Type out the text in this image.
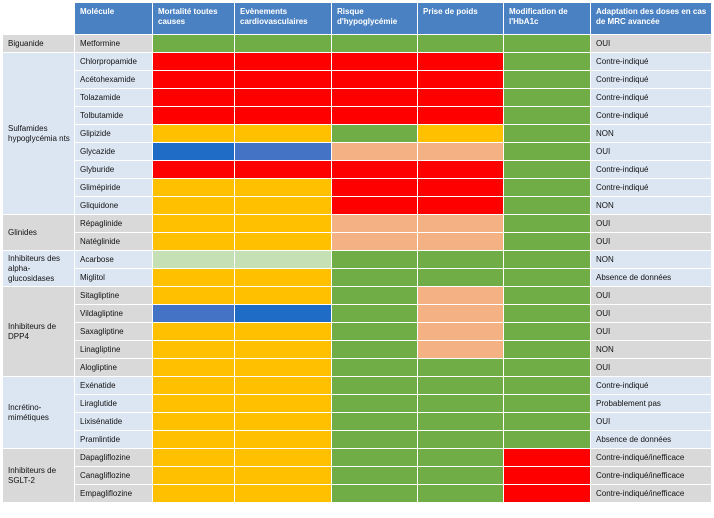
	Molécule	Mortalité toutes causes	Evènements cardiovasculaires	Risque d'hypoglycémie	Prise de poids	Modification de l'HbA1c	Adaptation des doses en cas de MRC avancée
Biguanide	Metformine						OUI
Sulfamides hypoglycémia nts	Chlorpropamide						Contre-indiqué
	Acétohexamide						Contre-indiqué
	Tolazamide						Contre-indiqué
	Tolbutamide						Contre-indiqué
	Glipizide						NON
	Glycazide						OUI
	Glyburide						Contre-indiqué
	Glimépiride						Contre-indiqué
	Gliquidone						NON
Glinides	Répaglinide						OUI
	Natéglinide						OUI
Inhibiteurs des alpha-glucosidases	Acarbose						NON
	Miglitol						Absence de données
Inhibiteurs de DPP4	Sitagliptine						OUI
	Vildagliptine						OUI
	Saxagliptine						OUI
	Linagliptine						NON
	Alogliptine						OUI
Incrétino-mimétiques	Exénatide						Contre-indiqué
	Liraglutide						Probablement pas
	Lixisénatide						OUI
	Pramlintide						Absence de données
Inhibiteurs de SGLT-2	Dapagliflozine						Contre-indiqué/inefficace
	Canagliflozine						Contre-indiqué/inefficace
	Empagliflozine						Contre-indiqué/inefficace
